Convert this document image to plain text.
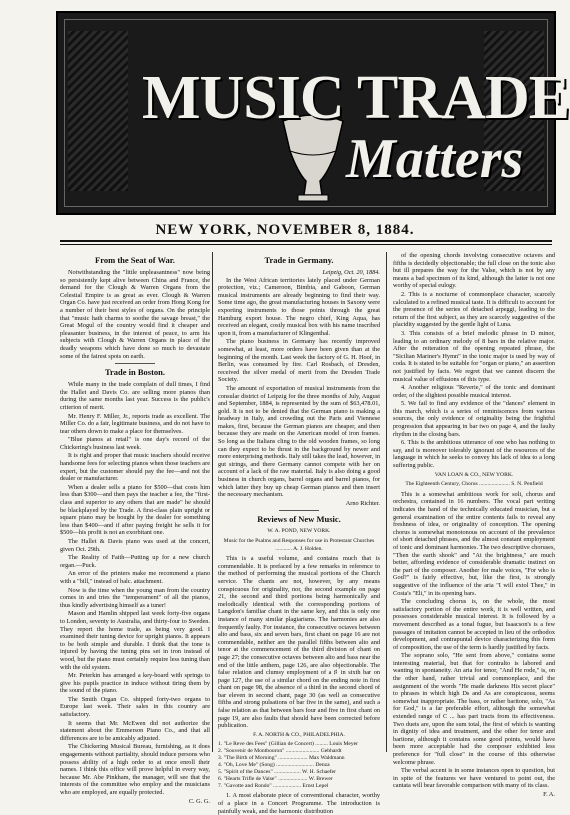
MUSIC TRADE
Matters
NEW YORK, NOVEMBER 8, 1884.
From the Seat of War.

Notwithstanding the "little unpleasantness" now being so persistently kept alive between China and France, the demand for the Clough & Warren Organs from the Celestial Empire is as great as ever. Clough & Warren Organ Co. have just received an order from Hong Kong for a number of their best styles of organs. On the principle that "music hath charms to soothe the savage breast," the Great Mogul of the country would find it cheaper and pleasanter business, in the interest of peace, to arm his subjects with Clough & Warren Organs in place of the deadly weapons which have done so much to devastate some of the fairest spots on earth.

Trade in Boston.

While many in the trade complain of dull times, I find the Hallet and Davis Co. are selling more pianos than during the same months last year. Success is the public's criterion of merit.

Mr. Henry F. Miller, Jr., reports trade as excellent. The Miller Co. do a fair, legitimate business, and do not have to tear others down to make a place for themselves.

"Blue pianos at retail" is one day's record of the Chickering's business last week.

It is right and proper that music teachers should receive handsome fees for selecting pianos when those teachers are expert, but the customer should pay the fee—and not the dealer or manufacturer.

When a dealer sells a piano for $500—that costs him less than $300—and then pays the teacher a fee, the "first-class and superior to any others that are made" he should be blackplayed by the Trade. A first-class plain upright or square piano may be bought by the dealer for something less than $400—and if after paying freight he sells it for $500—his profit is not an exorbitant one.

The Hallet & Davis piano was used at the concert, given Oct. 29th.

The Reality of Faith—Putting up for a new church organ.—Puck.

An error of the printers make me recommend a piano with a "bill," instead of balc. attachment.

Now is the time when the young man from the country comes in and tries the "temperament" of all the pianos, thus kindly advertising himself as a tuner!

Mason and Hamlin shipped last week forty-five organs to London, seventy to Australia, and thirty-four to Sweden. They report the home trade, as being very good. I examined their tuning device for upright pianos. It appears to be both simple and durable. I think that the tone is injured by having the tuning pins set in iron instead of wood, but the piano must certainly require less tuning than with the old system.

Mr. Peterkin has arranged a key-board with springs to give his pupils practice in induce without tiring them by the sound of the piano.

The Smith Organ Co. shipped forty-two organs to Europe last week. Their sales in this country are satisfactory.

It seems that Mr. McEwen did not authorize the statement about the Emmerson Piano Co., and that all differences are to be amicably adjusted.

The Chickering Musical Bureau, furnishing, as it does engagements without partiality, should induce persons who possess ability of a high order to at once enroll their names. I think this office will prove helpful in every way, because Mr. Abe Pinkham, the manager, will see that the interests of the committee who employ and the musicians who are employed, are equally protected.

C. G. G.
Trade in Germany.
Leipzig, Oct. 20, 1884.

In the West African territories lately placed under German protection, viz.; Cameroon, Bimbia, and Gaboon, German musical instruments are already beginning to find their way. Some time ago, the great manufacturing houses in Saxony were exporting instruments to those points through the great Hamburg export house. The negro chief, King Aqua, has received an elegant, costly musical box with his name inscribed upon it, from a manufacturer of Klingenthal.

The piano business in Germany has recently improved somewhat, at least, more orders have been given than at the beginning of the month. Last week the factory of G. H. Hoof, in Berlin, was consumed by fire. Carl Rosbach, of Dresden, received the silver medal of merit from the Dresden Trade Society.

The amount of exportation of musical instruments from the consular district of Leipzig for the three months of July, August and September, 1884, is represented by the sum of $63,478.01, gold. It is not to be denied that the German piano is making a headway in Italy, and crowding out the Paris and Viennese makes, first, because the German pianos are cheaper, and then because they are made on the American model of iron frames. So long as the Italians cling to the old wooden frames, so long can they expect to be thrust in the background by newer and more enterprising methods. Italy still takes the lead, however, in gut strings, and there Germany cannot compete with her on account of a lack of the raw material. Italy is also doing a good business in church organs, barrel organs and barrel pianos, for which latter they buy up cheap German pianos and then insert the necessary mechanism.

Arno Richter.
Reviews of New Music.
W. A. POND, NEW YORK.
Music for the Psalms and Responses for use in Protestant Churches ............ A. J. Holden.

This is a useful volume, and contains much that is commendable. It is prefaced by a few remarks in reference to the method of performing the musical portions of the Church service. The chants are not, however, by any means conspicuous for originality, nor, the second example on page 21, the second and third portions being harmonically and melodically identical with the corresponding portions of Langdon's familiar chant in the same key, and this is only one instance of many similar plagiarisms. The harmonies are also frequently faulty. For instance, the consecutive octaves between alto and bass, six and seven bars, first chant on page 16 are not commendable, neither are the parallel fifths between alto and tenor at the commencement of the third division of chant on page 27; the consecutive octaves between alto and bass near the end of the little anthem, page 126, are also objectionable. The false relation and clumsy employment of a ♯ in sixth bar on page 127, the use of a similar chord on the ending note in first chant on page 98, the absence of a third in the second chord of bar eleven in second chant, page 30 (as well as consecutive fifths and strong pulsations of bar five in the same), and such a false relation as that between bars four and five in first chant on page 19, are also faults that should have been corrected before publication.

F. A. NORTH & CO., PHILADELPHIA.
1. "Le Reve des Fees" (Gillian de Concert) ......... Louis Meyer
2. "Souvenir de Montbouron" ........................ Gebhardt
3. "The Birth of Morning" ..................... Max Waldmann
4. "Oh, Love Me" (Song) ........................... Denza
5. "Spirit of the Dances" ................... W. H. Schaefer
6. "Hearts Trifle de Valse" ..................... W. Brewer
7. "Gavotte and Rondo" .................... Ernst Lepel

1. A most elaborate piece of conventional character, worthy of a place in a Concert Programme. The introduction is painfully weak, and the harmonic distribution

of the opening chords involving consecutive octaves and fifths is decidedly objectionable; the full close on the tonic also but ill prepares the way for the Valse, which is not by any means a bad specimen of its kind, although the latter is not one worthy of special eulogy.

2. This is a nocturne of commonplace character, scarcely calculated to a refined musical taste. It is difficult to account for the presence of the series of detached arpeggi, leading to the return of the first subject, as they are scarcely suggestive of the placidity suggested by the gentle light of Luna.

3. This consists of a brief melodic phrase in D minor, leading to an ordinary melody of 8 bars in the relative major. After the reiteration of the opening repeated phrase, the "Sicilian Mariner's Hymn" in the tonic major is used by way of coda. It is stated to be suitable for "organ or piano," an assertion not justified by facts. We regret that we cannot discern the musical value of effusions of this type.

4. Another religious "Reverie," of the tonic and dominant order, of the slightest possible musical interest.

5. We fail to find any evidence of the "dances" element in this march, which is a series of reminiscences from various sources, the only evidence of originality being the frightful progression that appearing in bar two on page 4, and the faulty rhythm in the closing bars.

6. This is the ambitious utterance of one who has nothing to say, and is moreover tolerably ignorant of the resources of the language in which he seeks to convey his lack of idea to a long suffering public.

VAN LOAN & CO., NEW YORK.
The Eighteenth Century, Chorus ...................... S. N. Penfield

This is a somewhat ambitious work for soli, chorus and orchestra, contained in 16 numbers. The vocal part writing indicates the hand of the technically educated musician, but a general examination of the entire contents fails to reveal any freshness of idea, or originality of conception. The opening chorus is somewhat monotonous on account of the prevalence of short detached phrases, and the almost constant employment of tonic and dominant harmonies. The two descriptive choruses, "Then the earth shook" and "At the brightness," are much better, affording evidence of considerable dramatic instinct on the part of the composer. Another for male voices, "For who is God?" is fairly effective, but, like the first, is strongly suggestive of the influence of the aria "I will extol Thee," in Costa's "Eli," in its opening bars.

The concluding chorus is, on the whole, the most satisfactory portion of the entire work, it is well written, and possesses considerable musical interest. It is followed by a movement described as a tonal fugue, but Isaacson's is a few passages of imitation cannot be accepted in lieu of the orthodox development, and contrapuntal device characterizing this form of composition, the use of the term is hardly justified by facts.

The soprano solo, "He sent from above," contains some interesting material, but that for contralto is labored and wanting in spontaneity. An aria for tenor, "And He rode," is, on the other hand, rather trivial and commonplace, and the assignment of the words "He made darkness His secret place" to phrases in which high Ds and As are conspicuous, seems somewhat inappropriate. The bass, or rather baritone, solo, "As for God," is a far preferable effort, although the somewhat extended range of C ... has part tracts from its effectiveness. Two duets are, upon the sum total, the first of which is wanting in dignity of idea and treatment, and the other for tenor and baritone, although it contains some good points, would have been more acceptable had the composer exhibited less preference for "full close" in the course of this otherwise welcome phrase.

The verbal accent is in some instances open to question, but in spite of the features we have ventured to point out, the cantata will bear favorable comparison with many of its class.

F. A.
